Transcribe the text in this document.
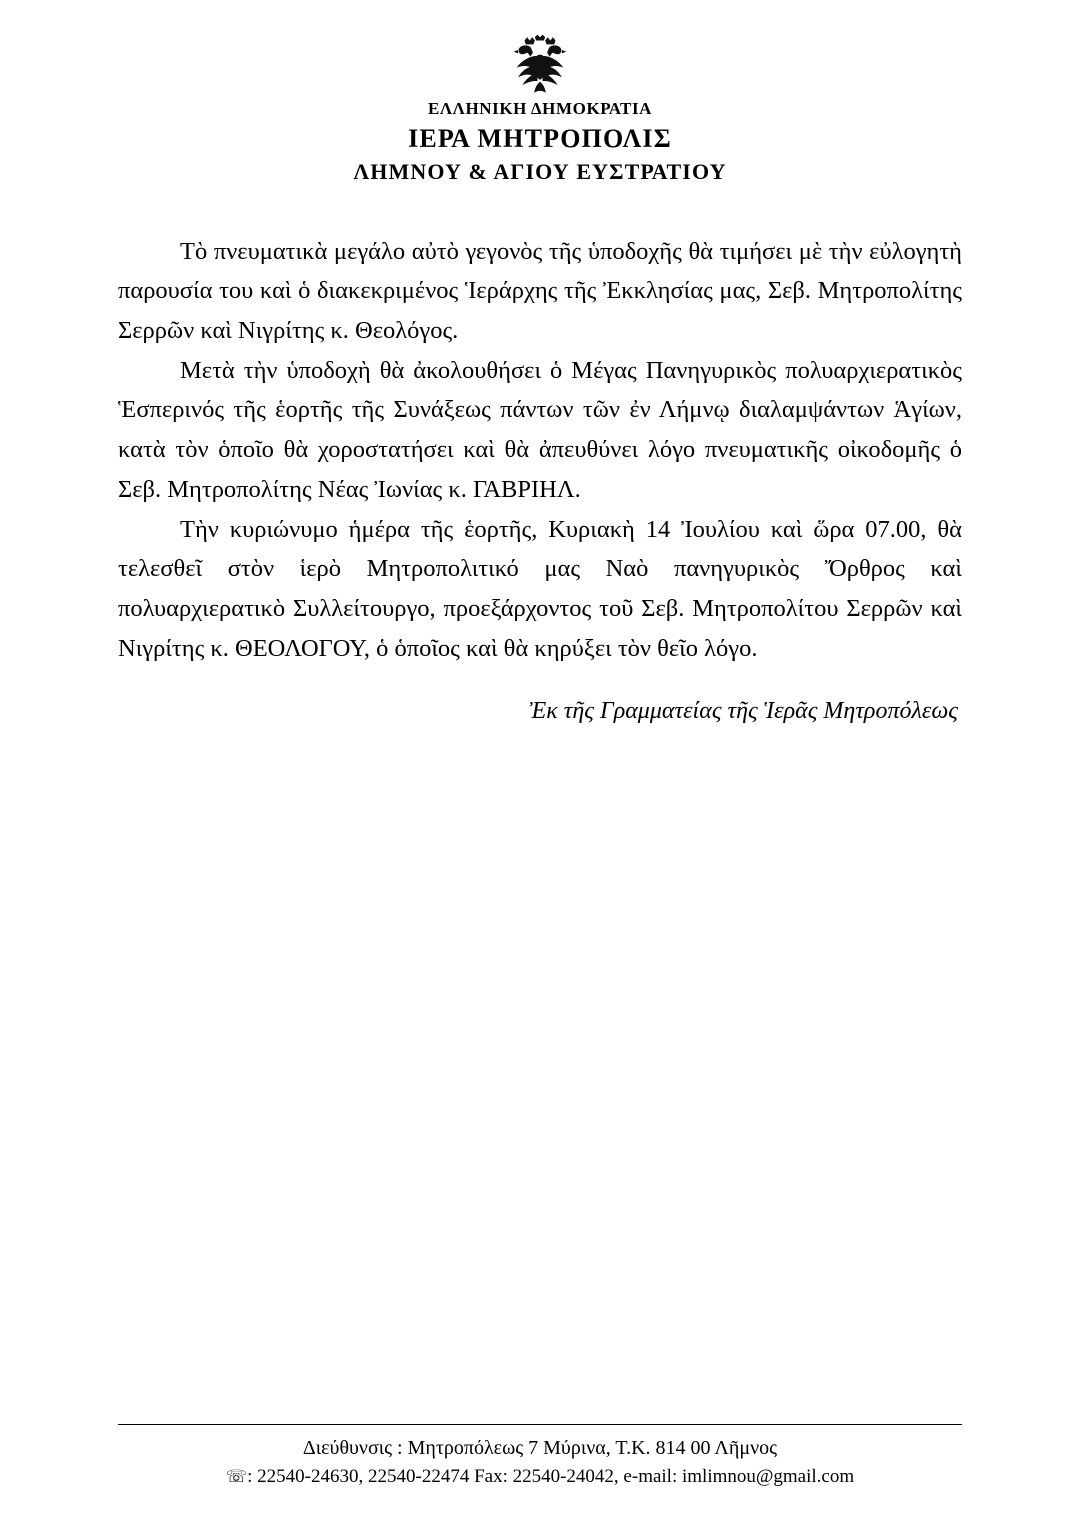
ΕΛΛΗΝΙΚΗ ΔΗΜΟΚΡΑΤΙΑ
ΙΕΡΑ ΜΗΤΡΟΠΟΛΙΣ
ΛΗΜΝΟΥ & ΑΓΙΟΥ ΕΥΣΤΡΑΤΙΟΥ

Τὸ πνευματικὰ μεγάλο αὐτὸ γεγονὸς τῆς ὑποδοχῆς θὰ τιμήσει μὲ τὴν εὐλογητὴ παρουσία του καὶ ὁ διακεκριμένος Ἱεράρχης τῆς Ἐκκλησίας μας, Σεβ. Μητροπολίτης Σερρῶν καὶ Νιγρίτης κ. Θεολόγος.

Μετὰ τὴν ὑποδοχὴ θὰ ἀκολουθήσει ὁ Μέγας Πανηγυρικὸς πολυαρχιερατικὸς Ἑσπερινός τῆς ἑορτῆς τῆς Συνάξεως πάντων τῶν ἐν Λήμνῳ διαλαμψάντων Ἁγίων, κατὰ τὸν ὁποῖο θὰ χοροστατήσει καὶ θὰ ἀπευθύνει λόγο πνευματικῆς οἰκοδομῆς ὁ Σεβ. Μητροπολίτης Νέας Ἰωνίας κ. ΓΑΒΡΙΗΛ.

Τὴν κυριώνυμο ἡμέρα τῆς ἑορτῆς, Κυριακὴ 14 Ἰουλίου καὶ ὥρα 07.00, θὰ τελεσθεῖ στὸν ἱερὸ Μητροπολιτικό μας Ναὸ πανηγυρικὸς Ὄρθρος καὶ πολυαρχιερατικὸ Συλλείτουργο, προεξάρχοντος τοῦ Σεβ. Μητροπολίτου Σερρῶν καὶ Νιγρίτης κ. ΘΕΟΛΟΓΟΥ, ὁ ὁποῖος καὶ θὰ κηρύξει τὸν θεῖο λόγο.

Ἐκ τῆς Γραμματείας τῆς Ἱερᾶς Μητροπόλεως
Διεύθυνσις : Μητροπόλεως 7 Μύρινα, Τ.Κ. 814 00 Λῆμνος
☏: 22540-24630, 22540-22474 Fax: 22540-24042, e-mail: imlimnou@gmail.com
